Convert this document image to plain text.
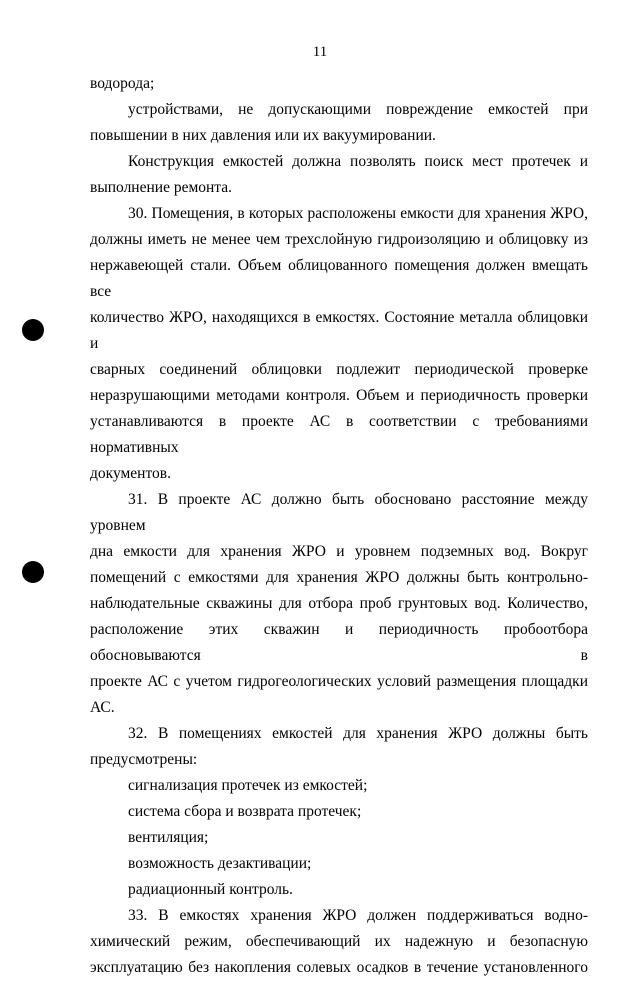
11

водорода;

устройствами, не допускающими повреждение емкостей при

повышении в них давления или их вакуумировании.

Конструкция емкостей должна позволять поиск мест протечек и

выполнение ремонта.

30. Помещения, в которых расположены емкости для хранения ЖРО,

должны иметь не менее чем трехслойную гидроизоляцию и облицовку из

нержавеющей стали. Объем облицованного помещения должен вмещать все

количество ЖРО, находящихся в емкостях. Состояние металла облицовки и

сварных соединений облицовки подлежит периодической проверке

неразрушающими методами контроля. Объем и периодичность проверки

устанавливаются в проекте АС в соответствии с требованиями нормативных

документов.

31. В проекте АС должно быть обосновано расстояние между уровнем

дна емкости для хранения ЖРО и уровнем подземных вод. Вокруг

помещений с емкостями для хранения ЖРО должны быть контрольно-

наблюдательные скважины для отбора проб грунтовых вод. Количество,

расположение этих скважин и периодичность пробоотбора обосновываются в

проекте АС с учетом гидрогеологических условий размещения площадки

АС.

32. В помещениях емкостей для хранения ЖРО должны быть

предусмотрены:

сигнализация протечек из емкостей;

система сбора и возврата протечек;

вентиляция;

возможность дезактивации;

радиационный контроль.

33. В емкостях хранения ЖРО должен поддерживаться водно-

химический режим, обеспечивающий их надежную и безопасную

эксплуатацию без накопления солевых осадков в течение установленного
